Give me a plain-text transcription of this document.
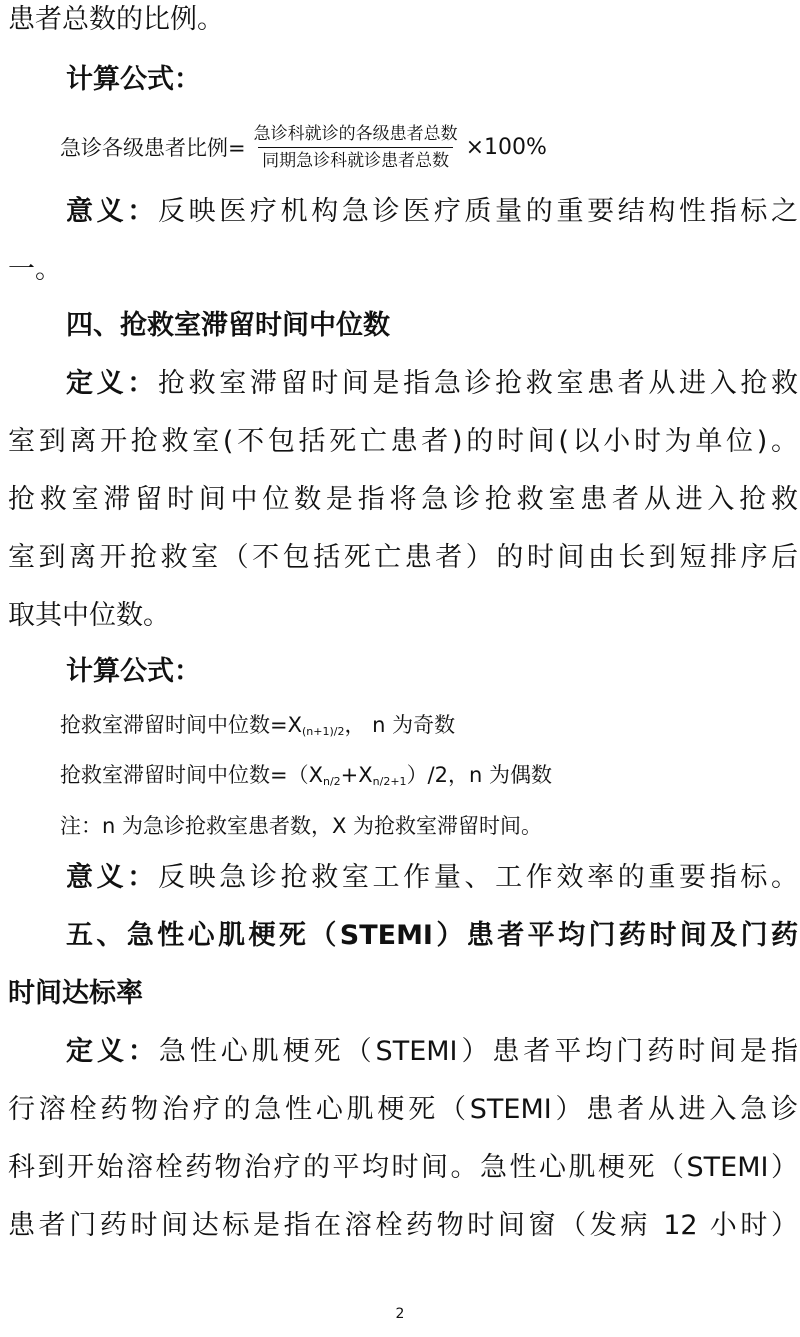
患者总数的比例。
计算公式：
急诊各级患者比例= $\frac{\text{急诊科就诊的各级患者总数}}{\text{同期急诊科就诊患者总数}} \times 100\%$
意义：反映医疗机构急诊医疗质量的重要结构性指标之
一。
四、抢救室滞留时间中位数
定义：抢救室滞留时间是指急诊抢救室患者从进入抢救
室到离开抢救室(不包括死亡患者)的时间(以小时为单位)。
抢救室滞留时间中位数是指将急诊抢救室患者从进入抢救
室到离开抢救室（不包括死亡患者）的时间由长到短排序后
取其中位数。
计算公式：
抢救室滞留时间中位数$=X_{(n+1)/2}$， n 为奇数
抢救室滞留时间中位数$=(X_{n/2}+X_{n/2+1})/2$，n 为偶数
注：n 为急诊抢救室患者数，X 为抢救室滞留时间。
意义：反映急诊抢救室工作量、工作效率的重要指标。
五、急性心肌梗死（STEMI）患者平均门药时间及门药
时间达标率
定义：急性心肌梗死（STEMI）患者平均门药时间是指
行溶栓药物治疗的急性心肌梗死（STEMI）患者从进入急诊
科到开始溶栓药物治疗的平均时间。急性心肌梗死（STEMI）
患者门药时间达标是指在溶栓药物时间窗（发病 12 小时）
2
